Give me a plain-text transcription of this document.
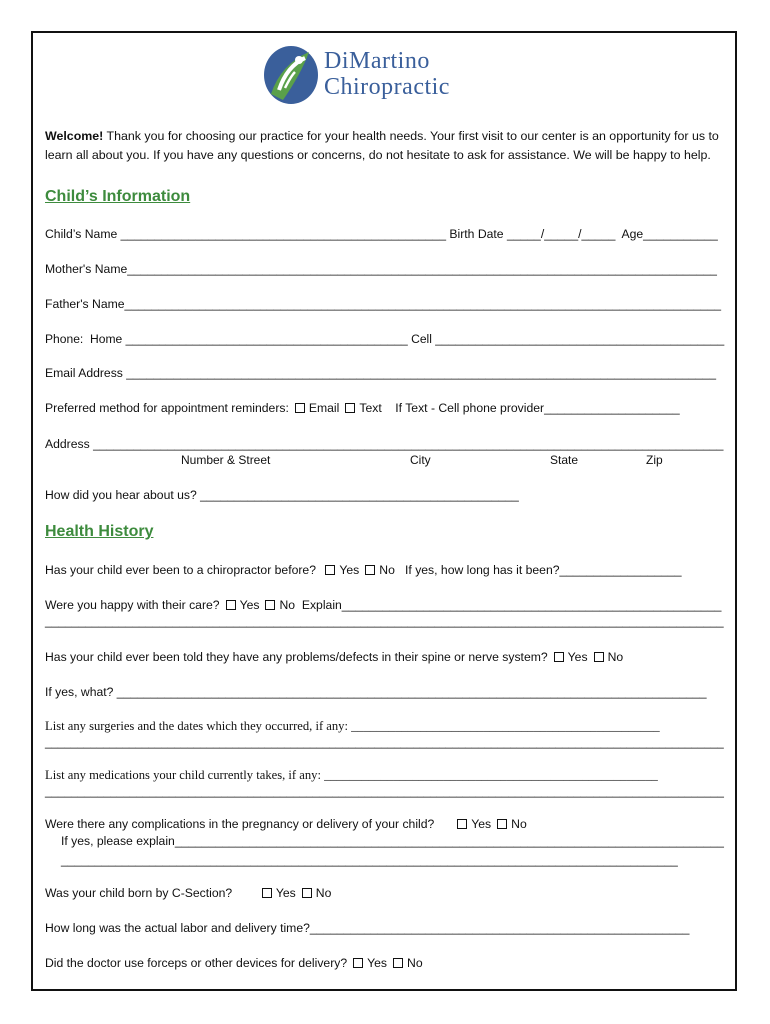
DiMartino
Chiropractic
Welcome! Thank you for choosing our practice for your health needs. Your first visit to our center is an opportunity for us to learn all about you. If you have any questions or concerns, do not hesitate to ask for assistance. We will be happy to help.
Child’s Information
Child’s Name ________________________________________________ Birth Date _____/_____/_____  Age___________
Mother's Name_______________________________________________________________________________________
Father's Name________________________________________________________________________________________
Phone:  Home __________________________________________ Cell ___________________________________________
Email Address _______________________________________________________________________________________
Preferred method for appointment reminders: Email Text If Text - Cell phone provider____________________
Address _____________________________________________________________________________________________
Number & Street	City	State	Zip
How did you hear about us? _______________________________________________
Health History
Has your child ever been to a chiropractor before? Yes No If yes, how long has it been?__________________
Were you happy with their care? Yes No Explain________________________________________________________
_____________________________________________________________________________________________________
Has your child ever been told they have any problems/defects in their spine or nerve system? Yes No
If yes, what? _______________________________________________________________________________________
List any surgeries and the dates which they occurred, if any: _________________________________________________
_________________________________________________________________________________________________________
List any medications your child currently takes, if any: _____________________________________________________
________________________________________________________________________________________________________
Were there any complications in the pregnancy or delivery of your child?	Yes No
If yes, please explain_________________________________________________________________________________
___________________________________________________________________________________________
Was your child born by C-Section?	Yes No
How long was the actual labor and delivery time?________________________________________________________
Did the doctor use forceps or other devices for delivery? Yes No
